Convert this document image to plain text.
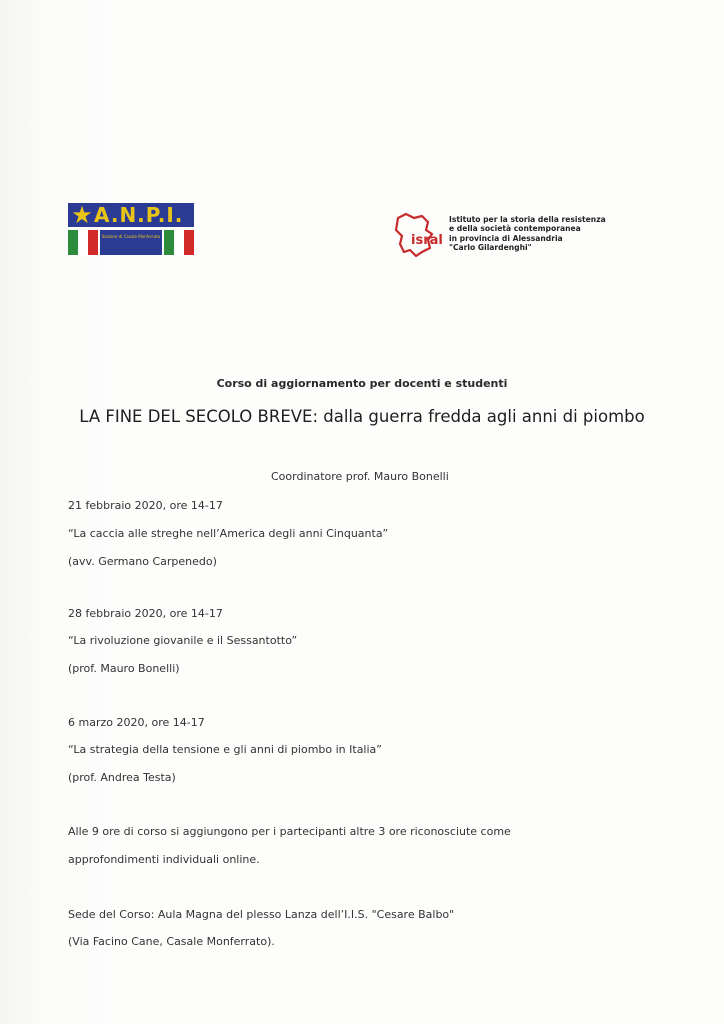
★ A.N.P.I.
Sezione di Casale Monferrato	isral
Istituto per la storia della resistenza
e della società contemporanea
in provincia di Alessandria
"Carlo Gilardenghi"
Corso di aggiornamento per docenti e studenti
LA FINE DEL SECOLO BREVE: dalla guerra fredda agli anni di piombo
Coordinatore prof. Mauro Bonelli
21 febbraio 2020, ore 14-17
“La caccia alle streghe nell’America degli anni Cinquanta”
(avv. Germano Carpenedo)
28 febbraio 2020, ore 14-17
“La rivoluzione giovanile e il Sessantotto”
(prof. Mauro Bonelli)
6 marzo 2020, ore 14-17
“La strategia della tensione e gli anni di piombo in Italia”
(prof. Andrea Testa)
Alle 9 ore di corso si aggiungono per i partecipanti altre 3 ore riconosciute come
approfondimenti individuali online.
Sede del Corso: Aula Magna del plesso Lanza dell’I.I.S. "Cesare Balbo"
(Via Facino Cane, Casale Monferrato).
